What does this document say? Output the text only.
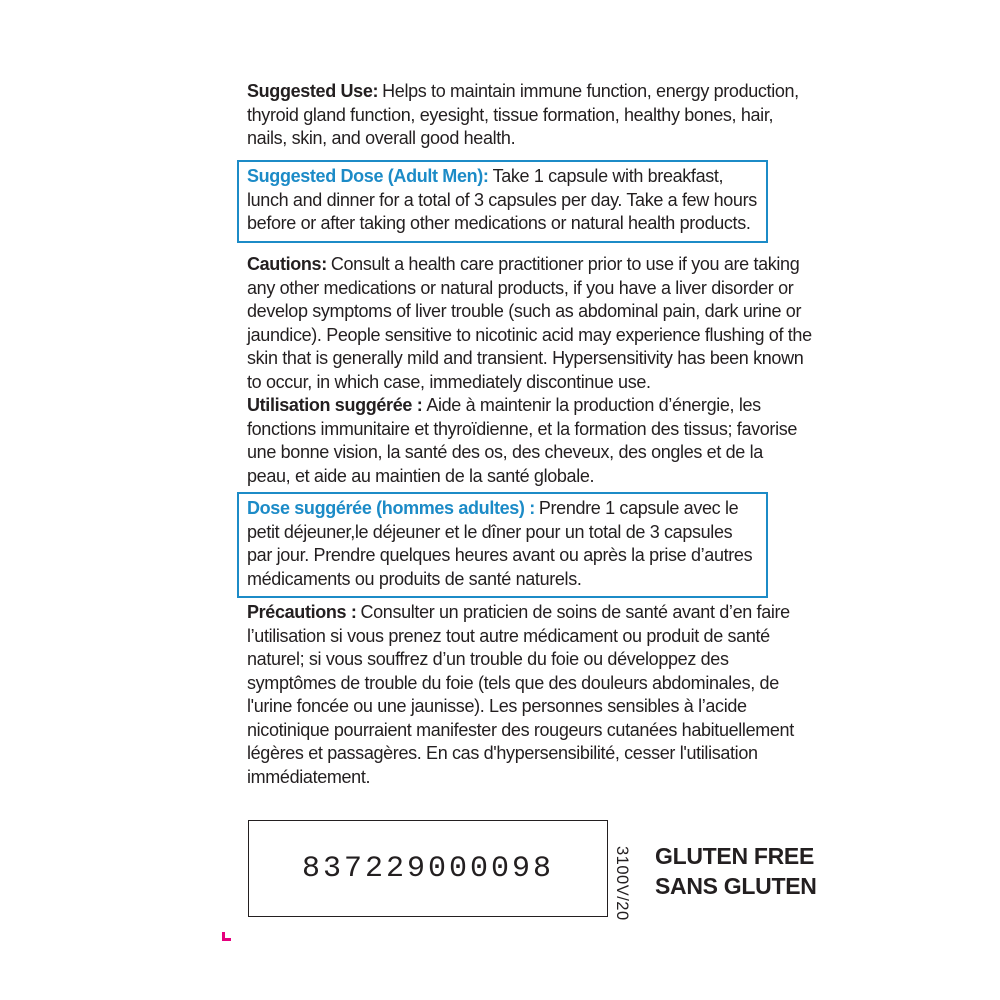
Suggested Use: Helps to maintain immune function, energy production, thyroid gland function, eyesight, tissue formation, healthy bones, hair, nails, skin, and overall good health.

Suggested Dose (Adult Men): Take 1 capsule with breakfast, lunch and dinner for a total of 3 capsules per day. Take a few hours before or after taking other medications or natural health products.

Cautions: Consult a health care practitioner prior to use if you are taking any other medications or natural products, if you have a liver disorder or develop symptoms of liver trouble (such as abdominal pain, dark urine or jaundice). People sensitive to nicotinic acid may experience flushing of the skin that is generally mild and transient. Hypersensitivity has been known to occur, in which case, immediately discontinue use.

Utilisation suggérée : Aide à maintenir la production d’énergie, les fonctions immunitaire et thyroïdienne, et la formation des tissus; favorise une bonne vision, la santé des os, des cheveux, des ongles et de la peau, et aide au maintien de la santé globale.

Dose suggérée (hommes adultes) : Prendre 1 capsule avec le petit déjeuner,le déjeuner et le dîner pour un total de 3 capsules par jour. Prendre quelques heures avant ou après la prise d’autres médicaments ou produits de santé naturels.

Précautions : Consulter un praticien de soins de santé avant d’en faire l’utilisation si vous prenez tout autre médicament ou produit de santé naturel; si vous souffrez d’un trouble du foie ou développez des symptômes de trouble du foie (tels que des douleurs abdominales, de l'urine foncée ou une jaunisse). Les personnes sensibles à l’acide nicotinique pourraient manifester des rougeurs cutanées habituellement légères et passagères. En cas d'hypersensibilité, cesser l'utilisation immédiatement.

837229000098	3100V/20 GLUTEN FREE
SANS GLUTEN
